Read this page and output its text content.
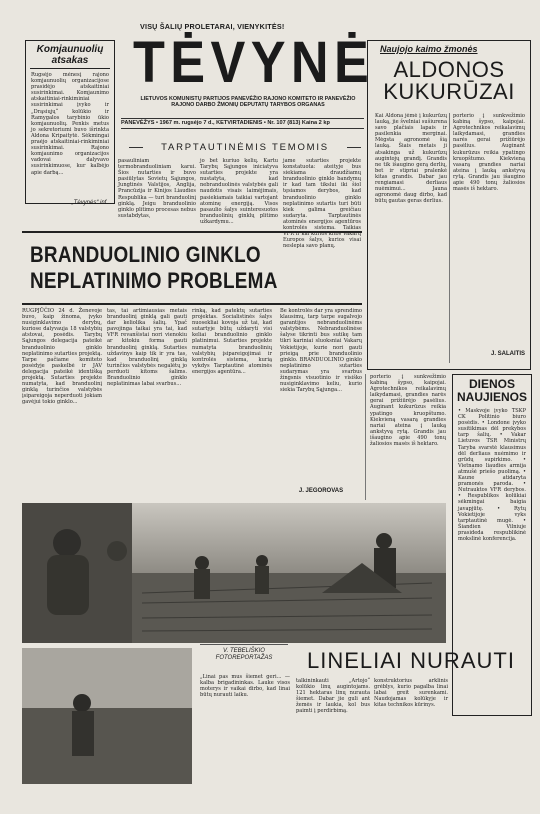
Komjaunuolių
atsakas
Rugsėjo mėnesį rajono komjaunuolių organizacijose prasidėjo atskaitiniai susirinkimai. Komjaunimo atskaitiniai-rinkiminiai susirinkimai įvyko ir „Drąsiųjų“ kolūkio ir Ramygalos tarybinio ūkio komjaunuolių. Penkis metus jo sekretoriumi buvo išrinkta Aldona Kripaitytė. Sėkmingai praėjo atskaitiniai-rinkiminiai susirinkimai. Rajono komjaunimo organizacijos vadovai dalyvavo susirinkimuose, kur kalbėjo apie darbą...
„Tėvynės“ inf.
VISŲ ŠALIŲ PROLETARAI, VIENYKITĖS!
TĖVYNĖ
LIETUVOS KOMUNISTŲ PARTIJOS PANEVĖŽIO RAJONO KOMITETO IR PANEVĖŽIO RAJONO DARBO ŽMONIŲ DEPUTATŲ TARYBOS ORGANAS
PANEVĖŽYS • 1967 m. rugsėjo 7 d., KETVIRTADIENIS • Nr. 107 (813) Kaina 2 kp
Naujojo kaimo žmonės
ALDONOS KUKURŪZAI
Kai Aldona jėmė į kukurūzų lauką, jie švelniai sušiurena savo plačiais lapais ir pasilenkia merginai. Mėgsta agronomė šią lauką. Šiais metais ji atsakinga už kukurūzų augintojų grandį. Grandis ne tik išaugino gerą derlių, bet ir stipriai pralenkė kitas grandis. Dabar jau rengiamasi derliaus nuėmimui... Jauna agronomė daug dirbo, kad būtų gautas geras derlius.
porterio į sunkvežimio kabiną šypso, kaipojai. Agrotechnikos reikalavimų laikydamasi, grandies narės gerai prižiūrėjo pasėlius. Auginant kukurūzus reikia ypatingo kruopštumo. Kiekvieną vasarą grandies nariai ateina į lauką ankstyvą rytą. Grandis jau išaugino apie 490 tonų žaliosios masės iš hektaro.
J. SALAITIS
TARPTAUTINĖMIS TEMOMIS
pasauliniam termobranduoliniam karui. Šios nutarties ir buvo pasiūlytas Sovietų Sąjungos, Jungtinės Valstijos, Anglija, Prancūzija ir Kinijos Liaudies Respublika — turi branduolinį ginklą. Jeigu branduolinio ginklo plitimo procesas nebus sustabdytas,
jo bet kuriuo kelių. Kartu Tarybų Sąjungos iniciatyva sutarties projekte yra nustatyta, kad nebranduolinės valstybės gali naudotis visais laimėjimais, pasiekiamais taikiai vartojant atominę energiją. Visos pasaulio šalys suinteresuotos branduolinių ginklų plitimo užkardymu...
jame sutarties projekte konstatuota: ateityje bus siekiama draudžiamų branduolinio ginklo bandymų ir kad tam tikslui iki šiol tęsiamos derybos, kad branduolinio ginklo neplatinimo sutartis turi būti kiek galima greičiau sudaryta. Tarptautinės atominės energijos agentūros kontrolės sistema. Taikias VFR ir kai kurios kitos Vakarų Europos šalys, kurios visai neslepia savo planų.
BRANDUOLINIO GINKLO NEPLATINIMO PROBLEMA
RUGPJŪČIO 24 d. Ženevoje buvo, kaip žinoma, įvyko nusiginklavimo derybų, kuriose dalyvauja 18 valstybių atstovai, posėdis. Tarybų Sąjungos delegacija pateikė branduolinio ginklo neplatinimo sutarties projektą. Tarpe pačiame komiteto posėdyje paskelbė ir JAV delegacija pateikė identišką projektą. Sutarties projekte numatyta, kad branduolinį ginklą turinčios valstybės įsipareigoja neperduoti jokiam gavėjui tokio ginklo...
tas, tai artimiausias metais branduolinį ginklą gali gauti dar keliolika šalių. Ypač pavojinga taikai yra tai, kad VFR revanšistai nori vienokiu ar kitokiu forma gauti branduolinį ginklą. Sutarties uždavinys kaip tik ir yra tas, kad branduolinį ginklą turinčios valstybės negalėtų jo perduoti kitoms šalims. Branduolinio ginklo neplatinimas labai svarbus...
rinką, kad patektų sutarties projektas. Socialistinės šalys nuosekliai kovoja už tai, kad sutartyje būtų uždaryti visi keliai branduolinio ginklo platinimui. Sutarties projekte numatyta branduolinių valstybių įsipareigojimai ir kontrolės sistema, kurią vykdys Tarptautinė atominės energijos agentūra...
Be kontrolės dar yra sprendimo klausimų, tarp tarpe sugalvojo garantijos nebranduolinėms valstybėms. Nebranduolinėse šalyse tikrinti bus sutikę tam tikri kariniai sluoksniai Vakarų Vokietijoje, kurie nori gauti prieigą prie branduolinio ginklo. BRANDUOLINIO ginklo neplatinimo sutarties sudarymas yra svarbus žingsnis visuotinio ir visiško nusiginklavimo keliu, kurio siekia Tarybų Sąjunga...
J. JEGOROVAS
DIENOS
NAUJIENOS
• Maskvoje įvyko TSKP CK Politinio biuro posėdis. • Londone įvyko susitikimas dėl prekybos tarp šalių. • Vakar Lietuvos TSR Ministrų Taryba svarstė klausimus dėl derliaus nuėmimo ir grūdų supirkimo. • Vietnamo liaudies armija atmušė priešo puolimą. • Kaune atidaryta pramonės paroda. • Nutrauktos VFR derybos. • Respublikos kolūkiai sėkmingai baigia javapjūtę. • Rytų Vokietijoje vyks tarptautinė mugė. • Šiandien Vilniuje prasideda respublikinė mokslinė konferencija.
porterio į sunkvežimio kabiną šypso, kaipojai. Agrotechnikos reikalavimų laikydamasi, grandies narės gerai prižiūrėjo pasėlius. Auginant kukurūzus reikia ypatingo kruopštumo. Kiekvieną vasarą grandies nariai ateina į lauką ankstyvą rytą. Grandis jau išaugino apie 490 tonų žaliosios masės iš hektaro.
V. TEBELIŠKIO FOTOREPORTAŽAS	LINELIAI NURAUTI
„Linai pas mus šiemet geri... — kalba brigadininkas. Lauke visos moterys ir vaikai dirbo, kad linai būtų nurauti laiku.
talkininkauti „Artojo“ kolūkio linų augintojams. 121 hektaras linų nurauta šiemet. Dabar jie guli ant žemės ir laukia, kol bus paimti į perdirbimą.
konstruktorius arklinis grėblys, kurio pagalba linai labai greit surenkami. Naudojamas kolūkyje ir kitas technikos kūrinys.
